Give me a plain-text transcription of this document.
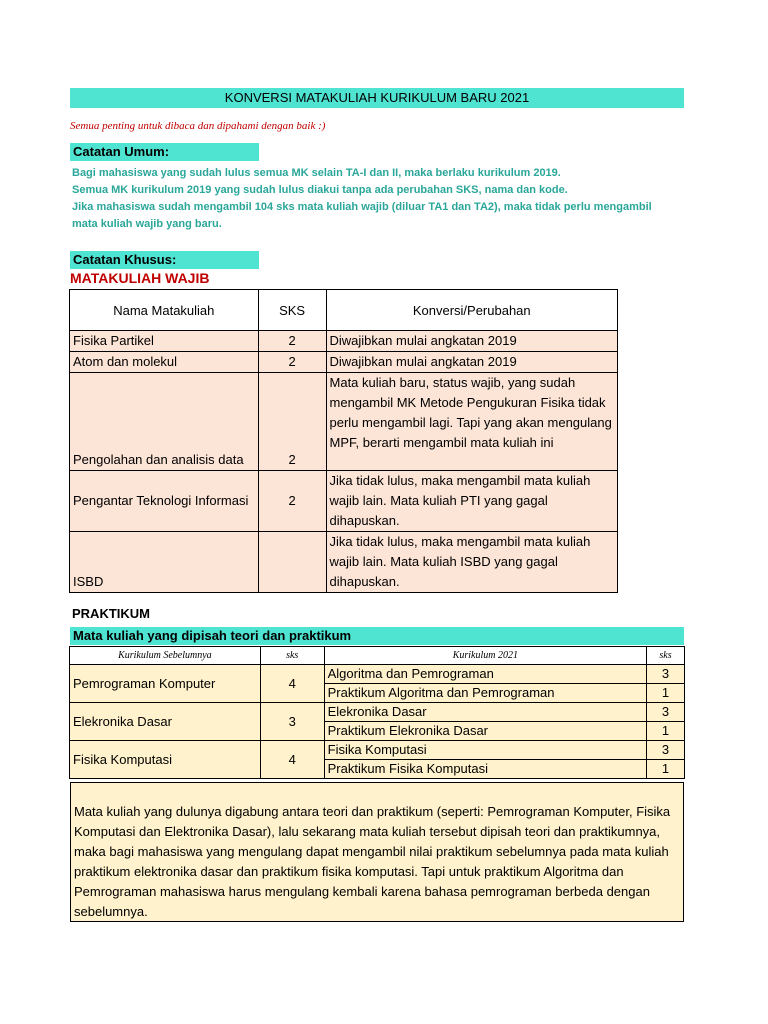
KONVERSI MATAKULIAH KURIKULUM BARU 2021
Semua penting untuk dibaca dan dipahami dengan baik :)
Catatan Umum:
Bagi mahasiswa yang sudah lulus semua MK selain TA-I dan II, maka berlaku kurikulum 2019.
Semua MK kurikulum 2019 yang sudah lulus diakui tanpa ada perubahan SKS, nama dan kode.
Jika mahasiswa sudah mengambil 104 sks mata kuliah wajib (diluar TA1 dan TA2), maka tidak perlu mengambil
mata kuliah wajib yang baru.
Catatan Khusus:
MATAKULIAH WAJIB
Nama Matakuliah	SKS	Konversi/Perubahan
Fisika Partikel	2	Diwajibkan mulai angkatan 2019
Atom dan molekul	2	Diwajibkan mulai angkatan 2019
Pengolahan dan analisis data	2	Mata kuliah baru, status wajib, yang sudah mengambil MK Metode Pengukuran Fisika tidak perlu mengambil lagi. Tapi yang akan mengulang MPF, berarti mengambil mata kuliah ini
Pengantar Teknologi Informasi	2	Jika tidak lulus, maka mengambil mata kuliah wajib lain. Mata kuliah PTI yang gagal dihapuskan.
ISBD		Jika tidak lulus, maka mengambil mata kuliah wajib lain. Mata kuliah ISBD yang gagal dihapuskan.
PRAKTIKUM
Mata kuliah yang dipisah teori dan praktikum
Kurikulum Sebelumnya	sks	Kurikulum 2021	sks
Pemrograman Komputer	4	Algoritma dan Pemrograman	3
		Praktikum Algoritma dan Pemrograman	1
Elekronika Dasar	3	Elekronika Dasar	3
		Praktikum Elekronika Dasar	1
Fisika Komputasi	4	Fisika Komputasi	3
		Praktikum Fisika Komputasi	1
Mata kuliah yang dulunya digabung antara teori dan praktikum (seperti: Pemrograman Komputer, Fisika Komputasi dan Elektronika Dasar), lalu sekarang mata kuliah tersebut dipisah teori dan praktikumnya, maka bagi mahasiswa yang mengulang dapat mengambil nilai praktikum sebelumnya pada mata kuliah praktikum elektronika dasar dan praktikum fisika komputasi. Tapi untuk praktikum Algoritma dan Pemrograman mahasiswa harus mengulang kembali karena bahasa pemrograman berbeda dengan sebelumnya.
